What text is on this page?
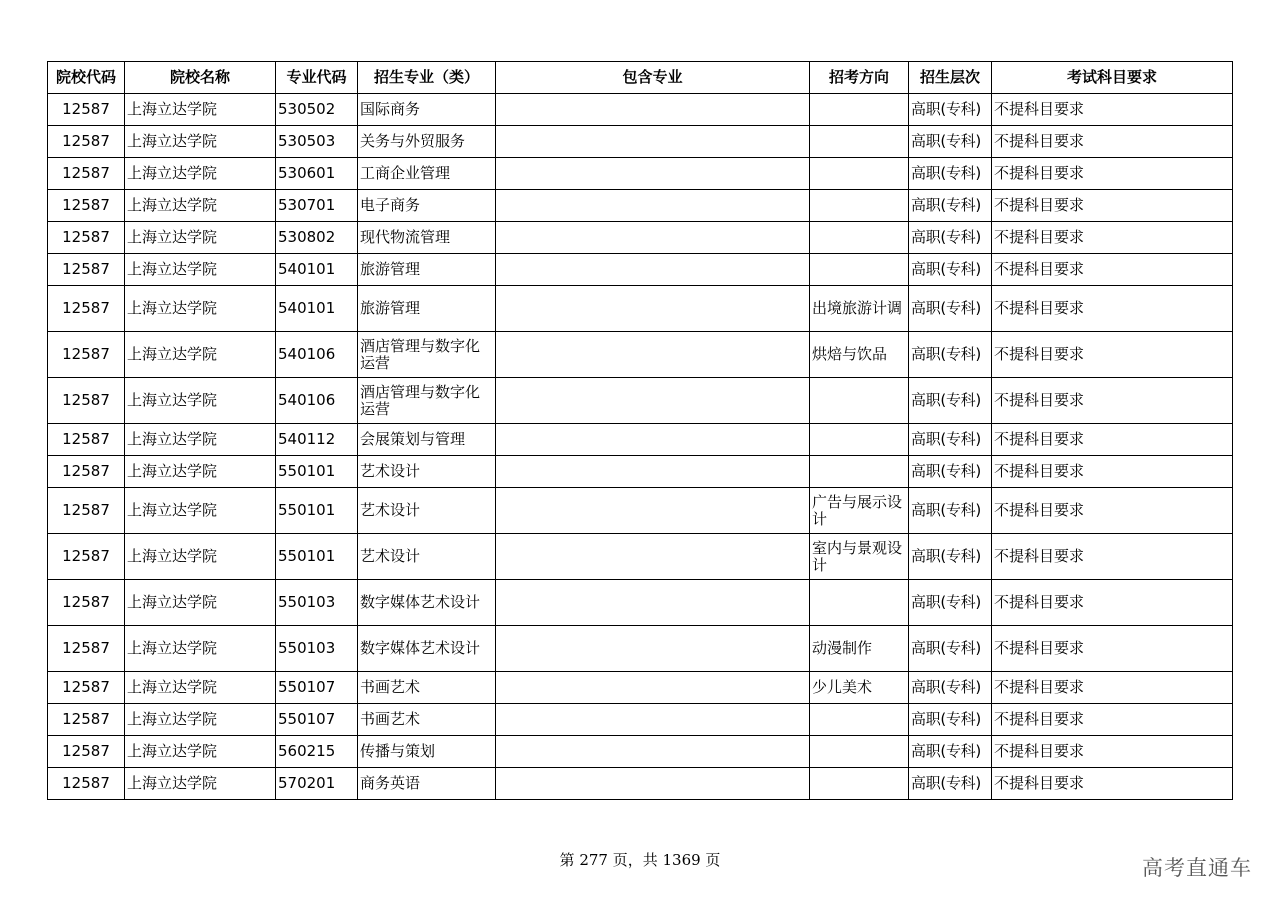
院校代码	院校名称	专业代码	招生专业（类）	包含专业	招考方向	招生层次	考试科目要求
12587	上海立达学院	530502	国际商务			高职(专科)	不提科目要求
12587	上海立达学院	530503	关务与外贸服务			高职(专科)	不提科目要求
12587	上海立达学院	530601	工商企业管理			高职(专科)	不提科目要求
12587	上海立达学院	530701	电子商务			高职(专科)	不提科目要求
12587	上海立达学院	530802	现代物流管理			高职(专科)	不提科目要求
12587	上海立达学院	540101	旅游管理			高职(专科)	不提科目要求
12587	上海立达学院	540101	旅游管理		出境旅游计调	高职(专科)	不提科目要求
12587	上海立达学院	540106	酒店管理与数字化运营		烘焙与饮品	高职(专科)	不提科目要求
12587	上海立达学院	540106	酒店管理与数字化运营			高职(专科)	不提科目要求
12587	上海立达学院	540112	会展策划与管理			高职(专科)	不提科目要求
12587	上海立达学院	550101	艺术设计			高职(专科)	不提科目要求
12587	上海立达学院	550101	艺术设计		广告与展示设计	高职(专科)	不提科目要求
12587	上海立达学院	550101	艺术设计		室内与景观设计	高职(专科)	不提科目要求
12587	上海立达学院	550103	数字媒体艺术设计			高职(专科)	不提科目要求
12587	上海立达学院	550103	数字媒体艺术设计		动漫制作	高职(专科)	不提科目要求
12587	上海立达学院	550107	书画艺术		少儿美术	高职(专科)	不提科目要求
12587	上海立达学院	550107	书画艺术			高职(专科)	不提科目要求
12587	上海立达学院	560215	传播与策划			高职(专科)	不提科目要求
12587	上海立达学院	570201	商务英语			高职(专科)	不提科目要求
第 277 页，共 1369 页	高考直通车
